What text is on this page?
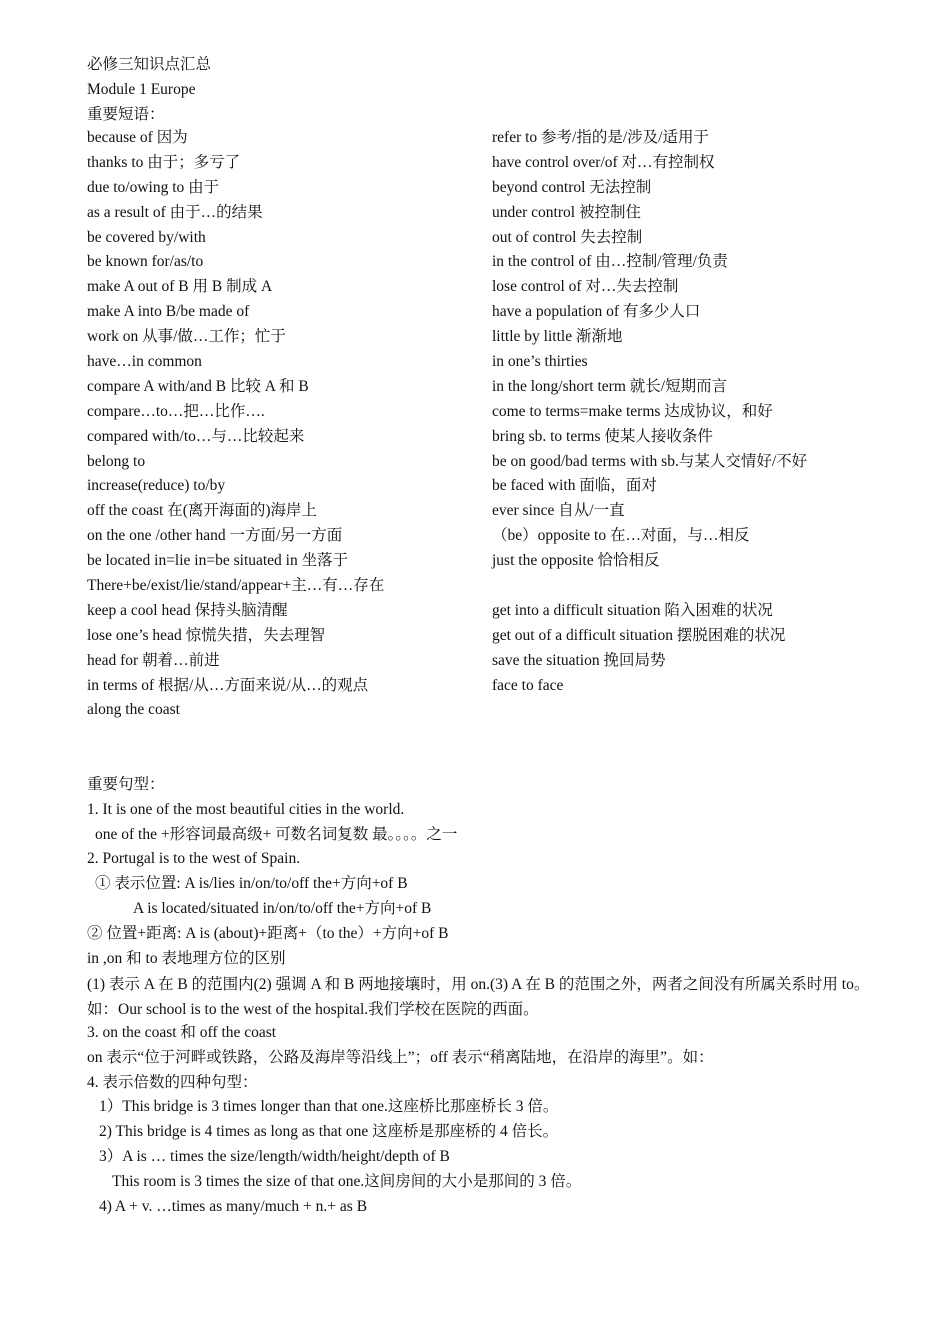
必修三知识点汇总
Module 1 Europe
重要短语：
because of 因为
thanks to 由于；多亏了
due to/owing to 由于
as a result of 由于…的结果
be covered by/with
be known for/as/to
make A out of B 用 B 制成 A
make A into B/be made of
work on 从事/做…工作；忙于
have…in common
compare A with/and B 比较 A 和 B
compare…to…把…比作….
compared with/to…与…比较起来
belong to
increase(reduce) to/by
off the coast 在(离开海面的)海岸上
on the one /other hand 一方面/另一方面
be located in=lie in=be situated in 坐落于
There+be/exist/lie/stand/appear+主…有…存在
keep a cool head 保持头脑清醒
lose one’s head 惊慌失措，失去理智
head for 朝着…前进
in terms of 根据/从…方面来说/从…的观点
along the coast
refer to 参考/指的是/涉及/适用于
have control over/of 对…有控制权
beyond control 无法控制
under control 被控制住
out of control 失去控制
in the control of 由…控制/管理/负责
lose control of 对…失去控制
have a population of 有多少人口
little by little 渐渐地
in one’s thirties
in the long/short term 就长/短期而言
come to terms=make terms 达成协议，和好
bring sb. to terms 使某人接收条件
be on good/bad terms with sb.与某人交情好/不好
be faced with 面临，面对
ever since 自从/一直
（be）opposite to 在…对面，与…相反
just the opposite 恰恰相反
get into a difficult situation 陷入困难的状况
get out of a difficult situation 摆脱困难的状况
save the situation 挽回局势
face to face
重要句型：
1. It is one of the most beautiful cities in the world.
one of the +形容词最高级+ 可数名词复数 最。。。。之一
2. Portugal is to the west of Spain.
① 表示位置: A is/lies in/on/to/off the+方向+of B
A is located/situated in/on/to/off the+方向+of B
② 位置+距离: A is (about)+距离+（to the）+方向+of B
in ,on 和 to 表地理方位的区别
(1) 表示 A 在 B 的范围内(2) 强调 A 和 B 两地接壤时，用 on.(3) A 在 B 的范围之外，两者之间没有所属关系时用 to。如：Our school is to the west of the hospital.我们学校在医院的西面。
3. on the coast 和 off the coast
on 表示“位于河畔或铁路，公路及海岸等沿线上”；off 表示“稍离陆地，在沿岸的海里”。如：
4. 表示倍数的四种句型：
1）This bridge is 3 times longer than that one.这座桥比那座桥长 3 倍。
2) This bridge is 4 times as long as that one 这座桥是那座桥的 4 倍长。
3）A is … times the size/length/width/height/depth of B
This room is 3 times the size of that one.这间房间的大小是那间的 3 倍。
4) A + v. …times as many/much + n.+ as B
